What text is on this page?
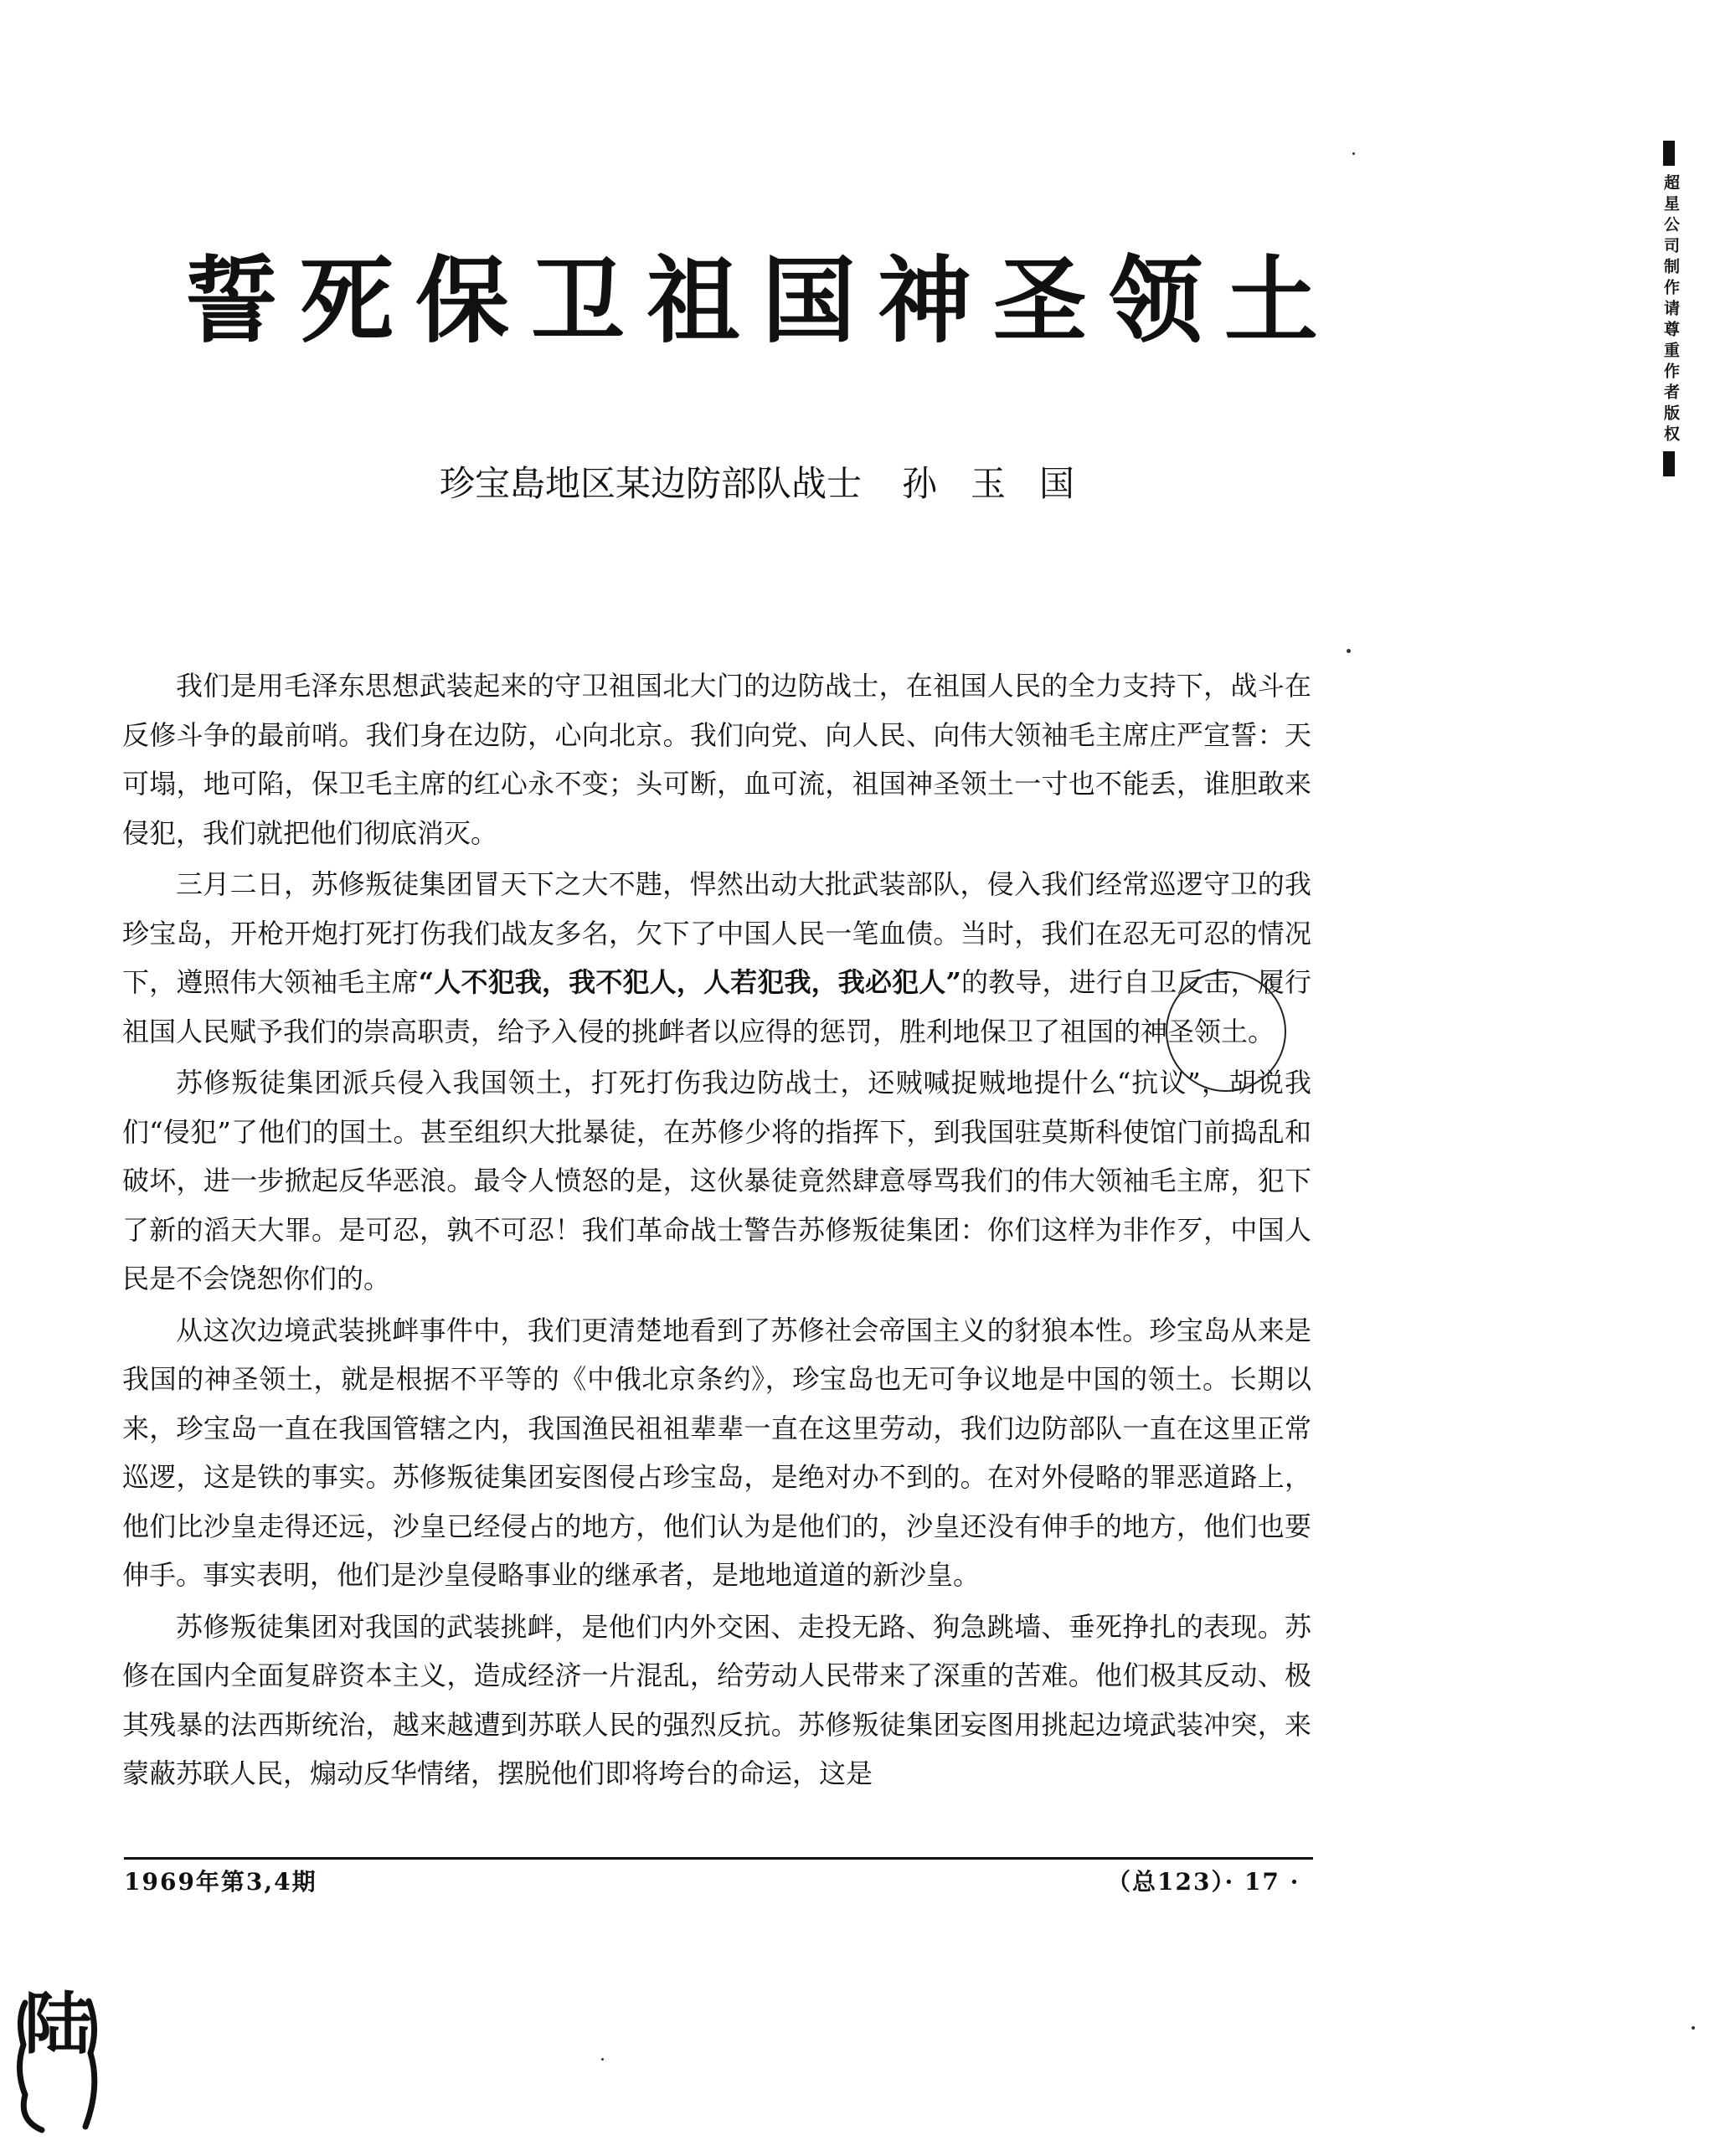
誓死保卫祖国神圣领土
珍宝島地区某边防部队战士 孙玉国

我们是用毛泽东思想武装起来的守卫祖国北大门的边防战士，在祖国人民的全力支持下，战斗在反修斗争的最前哨。我们身在边防，心向北京。我们向党、向人民、向伟大领袖毛主席庄严宣誓：天可塌，地可陷，保卫毛主席的红心永不变；头可断，血可流，祖国神圣领土一寸也不能丢，谁胆敢来侵犯，我们就把他们彻底消灭。

三月二日，苏修叛徒集团冒天下之大不韪，悍然出动大批武装部队，侵入我们经常巡逻守卫的我珍宝岛，开枪开炮打死打伤我们战友多名，欠下了中国人民一笔血债。当时，我们在忍无可忍的情况下，遵照伟大领袖毛主席“人不犯我，我不犯人，人若犯我，我必犯人”的教导，进行自卫反击，履行祖国人民赋予我们的崇高职责，给予入侵的挑衅者以应得的惩罚，胜利地保卫了祖国的神圣领土。

苏修叛徒集团派兵侵入我国领土，打死打伤我边防战士，还贼喊捉贼地提什么“抗议”，胡说我们“侵犯”了他们的国土。甚至组织大批暴徒，在苏修少将的指挥下，到我国驻莫斯科使馆门前捣乱和破坏，进一步掀起反华恶浪。最令人愤怒的是，这伙暴徒竟然肆意辱骂我们的伟大领袖毛主席，犯下了新的滔天大罪。是可忍，孰不可忍！我们革命战士警告苏修叛徒集团：你们这样为非作歹，中国人民是不会饶恕你们的。

从这次边境武装挑衅事件中，我们更清楚地看到了苏修社会帝国主义的豺狼本性。珍宝岛从来是我国的神圣领土，就是根据不平等的《中俄北京条约》，珍宝岛也无可争议地是中国的领土。长期以来，珍宝岛一直在我国管辖之内，我国渔民祖祖辈辈一直在这里劳动，我们边防部队一直在这里正常巡逻，这是铁的事实。苏修叛徒集团妄图侵占珍宝岛，是绝对办不到的。在对外侵略的罪恶道路上，他们比沙皇走得还远，沙皇已经侵占的地方，他们认为是他们的，沙皇还没有伸手的地方，他们也要伸手。事实表明，他们是沙皇侵略事业的继承者，是地地道道的新沙皇。

苏修叛徒集团对我国的武装挑衅，是他们内外交困、走投无路、狗急跳墙、垂死挣扎的表现。苏修在国内全面复辟资本主义，造成经济一片混乱，给劳动人民带来了深重的苦难。他们极其反动、极其残暴的法西斯统治，越来越遭到苏联人民的强烈反抗。苏修叛徒集团妄图用挑起边境武装冲突，来蒙蔽苏联人民，煽动反华情绪，摆脱他们即将垮台的命运，这是

1969年第3,4期	（总123）· 17 ·
超星公司制作请尊重作者版权
陆
